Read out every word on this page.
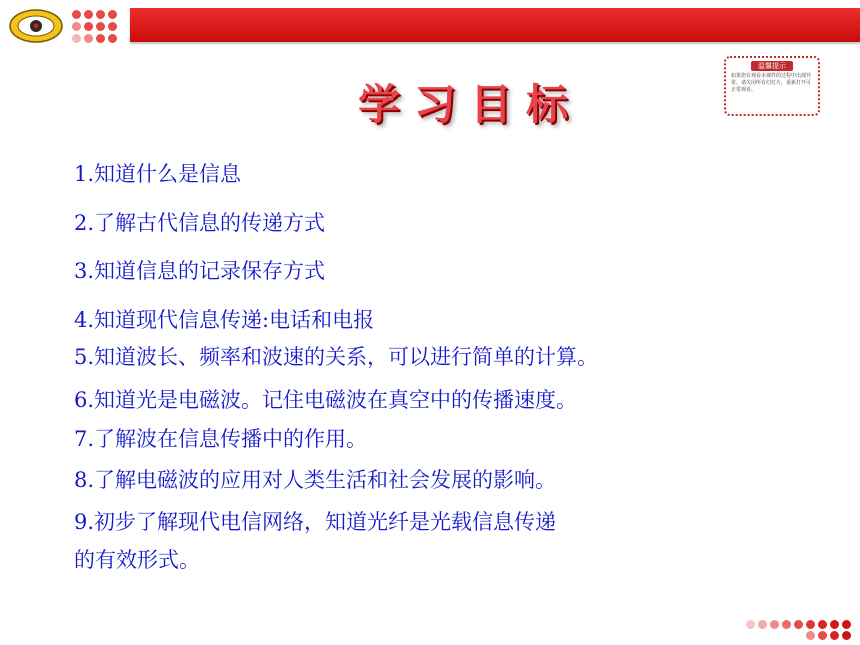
学习目标
温馨提示
如果您在观看本课件的过程中出现异常，请关闭所有幻灯片，重新打开可正常观看。
1.知道什么是信息
2.了解古代信息的传递方式
3.知道信息的记录保存方式
4.知道现代信息传递:电话和电报
5.知道波长、频率和波速的关系，可以进行简单的计算。
6.知道光是电磁波。记住电磁波在真空中的传播速度。
7.了解波在信息传播中的作用。
8.了解电磁波的应用对人类生活和社会发展的影响。
9.初步了解现代电信网络，知道光纤是光载信息传递
的有效形式。
